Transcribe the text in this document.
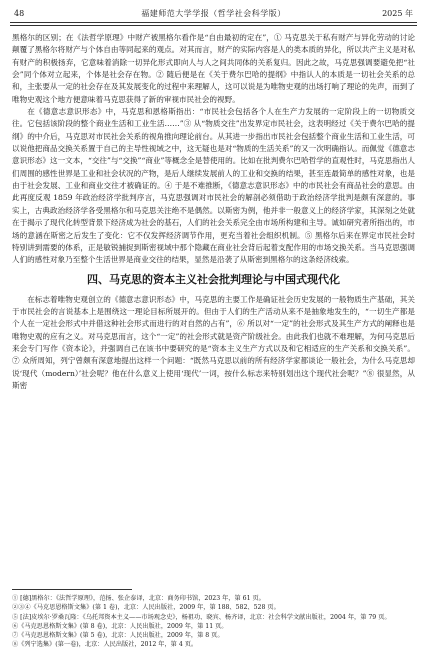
48	福建师范大学学报（哲学社会科学版）	2025 年

黑格尔的区别；在《法哲学原理》中财产被黑格尔看作是“自由最初的定在”，① 马克思关于私有财产与异化劳动的讨论颠覆了黑格尔将财产与个体自由等同起来的观点。对其而言，财产的实际内容是人的类本质的异化，所以共产主义是对私有财产的积极扬弃，它意味着消除一切异化形式即向人与人之间共同体的关系复归。因此之故，马克思强调要避免把“社会”同个体对立起来，个体是社会存在物。② 随后便是在《关于费尔巴哈的提纲》中指认人的本质是一切社会关系的总和，主张要从一定的社会存在及其发展变化的过程中来理解人，这可以说是为唯物史观的出场打响了理论的先声，而到了唯物史观这个地方便意味着马克思获得了新的审视市民社会的视野。

在《德意志意识形态》中，马克思和恩格斯指出：“市民社会包括各个人在生产力发展的一定阶段上的一切物质交往。它包括该阶段的整个商业生活和工业生活……”③ 从“物质交往”出发界定市民社会，这表明经过《关于费尔巴哈的提纲》的中介后，马克思对市民社会关系的视角推向理论前台。从其进一步指出市民社会包括整个商业生活和工业生活，可以说他把商品交换关系置于自己的主导性视域之中，这无疑也是对“物质的生活关系”的又一次明确指认。而佩觉《德意志意识形态》这一文本，“交往”与“交换”“商业”等概念全是替使用的。比如在批判费尔巴哈哲学的直观性时，马克思指出人们周围的感性世界是工业和社会状况的产物，是后人继续发展前人的工业和交换的结果，甚至连最简单的感性对象，也是由于社会发展、工业和商业交往才被确证的。④ 于是不难推断，《德意志意识形态》中的市民社会有商品社会的意思。由此再度反观 1859 年政治经济学批判序言，马克思强调对市民社会的解剖必须借助于政治经济学批判是颇有深意的。事实上，古典政治经济学各受黑格尔和马克思关注绝不是偶然。以斯密为例，他并非一般意义上的经济学家，其深刻之处就在于揭示了现代化转型背景下经济成为社会的基石，人们的社会关系完全由市场所构建和主导。诚如研究者所指出的，市场的意涵在斯密之后发生了变化：它不仅发挥经济调节作用，更充当着社会组织机制。⑤ 黑格尔后来在界定市民社会时特别讲到需要的体系，正是敏锐捕捉到斯密视域中那个隐藏在商业社会背后起着支配作用的市场交换关系。当马克思强调人们的感性对象乃至整个生活世界是商业交往的结果，显然是沿袭了从斯密到黑格尔的这条经济线索。

四、马克思的资本主义社会批判理论与中国式现代化

在标志着唯物史观创立的《德意志意识形态》中，马克思的主要工作是确证社会历史发展的一般物质生产基础，其关于市民社会的言说基本上是围绕这一理论目标所展开的。但由于人们的生产活动从来不是抽象地发生的，“一切生产都是个人在一定社会形式中并借这种社会形式而进行的对自然的占有”，⑥ 所以对“一定”的社会形式及其生产方式的阐释也是唯物史观的应有之义。对马克思而言，这个“一定”的社会形式就是资产阶级社会。由此我们也就不难理解，为何马克思后来会专门写作《资本论》，并强调自己在该书中要研究的是“资本主义生产方式以及和它相适应的生产关系和交换关系”。⑦ 众所周知，列宁曾颇有深意地提出这样一个问题：“既然马克思以前的所有经济学家都谈论一般社会，为什么马克思却说‘现代（modern）’社会呢？他在什么意义上使用‘现代’一词，按什么标志来特别划出这个现代社会呢？”⑧ 很显然，从斯密

① [德]黑格尔：《法哲学原理》，范扬、张企泰译，北京：商务印书馆，2023 年，第 61 页。

②③④《马克思恩格斯文集》(第 1 卷)，北京：人民出版社，2009 年，第 188、582、528 页。

⑤ [法]皮埃尔·罗桑瓦隆：《乌托邦资本主义——市场观念史》，杨祖功、晓宾、杨齐译，北京：社会科学文献出版社，2004 年，第 79 页。

⑥《马克思恩格斯文集》(第 8 卷)，北京：人民出版社，2009 年，第 11 页。

⑦《马克思恩格斯文集》(第 5 卷)，北京：人民出版社，2009 年，第 8 页。

⑧《列宁选集》(第一卷)，北京：人民出版社，2012 年，第 4 页。
